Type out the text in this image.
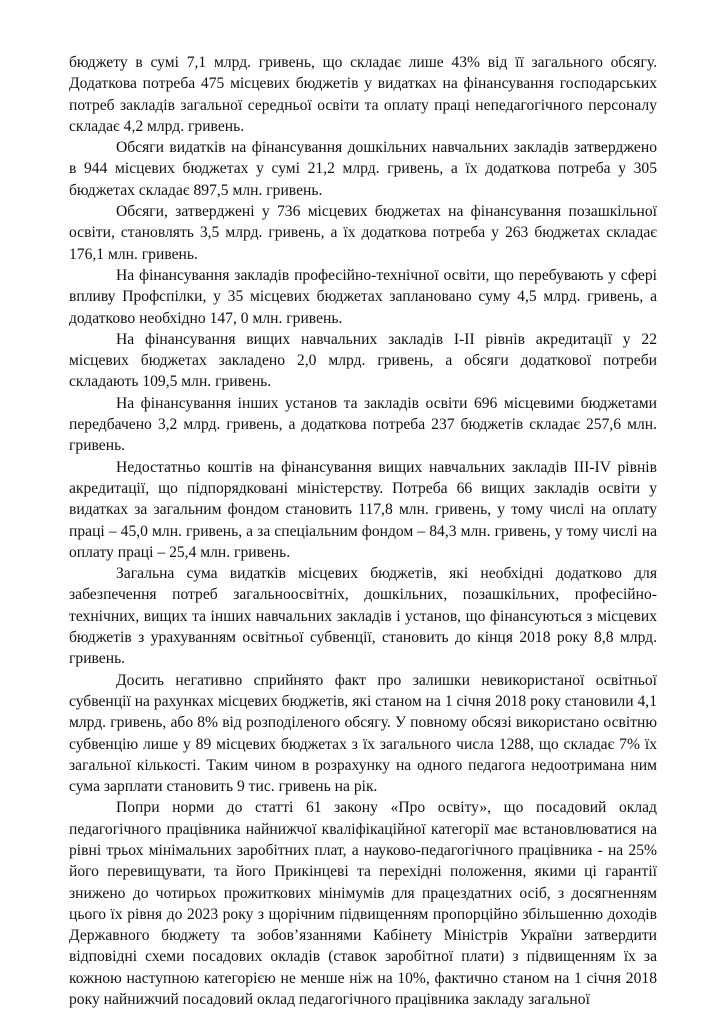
бюджету в сумі 7,1 млрд. гривень, що складає лише 43% від її загального обсягу. Додаткова потреба 475 місцевих бюджетів у видатках на фінансування господарських потреб закладів загальної середньої освіти та оплату праці непедагогічного персоналу складає 4,2 млрд. гривень.

Обсяги видатків на фінансування дошкільних навчальних закладів затверджено в 944 місцевих бюджетах у сумі 21,2 млрд. гривень, а їх додаткова потреба у 305 бюджетах складає 897,5 млн. гривень.

Обсяги, затверджені у 736 місцевих бюджетах на фінансування позашкільної освіти, становлять 3,5 млрд. гривень, а їх додаткова потреба у 263 бюджетах складає 176,1 млн. гривень.

На фінансування закладів професійно-технічної освіти, що перебувають у сфері впливу Профспілки, у 35 місцевих бюджетах заплановано суму 4,5 млрд. гривень, а додатково необхідно 147, 0 млн. гривень.

На фінансування вищих навчальних закладів І-ІІ рівнів акредитації у 22 місцевих бюджетах закладено 2,0 млрд. гривень, а обсяги додаткової потреби складають 109,5 млн. гривень.

На фінансування інших установ та закладів освіти 696 місцевими бюджетами передбачено 3,2 млрд. гривень, а додаткова потреба 237 бюджетів складає 257,6 млн. гривень.

Недостатньо коштів на фінансування вищих навчальних закладів ІІІ-ІV рівнів акредитації, що підпорядковані міністерству. Потреба 66 вищих закладів освіти у видатках за загальним фондом становить 117,8 млн. гривень, у тому числі на оплату праці – 45,0 млн. гривень, а за спеціальним фондом – 84,3 млн. гривень, у тому числі на оплату праці – 25,4 млн. гривень.

Загальна сума видатків місцевих бюджетів, які необхідні додатково для забезпечення потреб загальноосвітніх, дошкільних, позашкільних, професійно-технічних, вищих та інших навчальних закладів і установ, що фінансуються з місцевих бюджетів з урахуванням освітньої субвенції, становить до кінця 2018 року 8,8 млрд. гривень.

Досить негативно сприйнято факт про залишки невикористаної освітньої субвенції на рахунках місцевих бюджетів, які станом на 1 січня 2018 року становили 4,1 млрд. гривень, або 8% від розподіленого обсягу. У повному обсязі використано освітню субвенцію лише у 89 місцевих бюджетах з їх загального числа 1288, що складає 7% їх загальної кількості. Таким чином в розрахунку на одного педагога недоотримана ним сума зарплати становить 9 тис. гривень на рік.

Попри норми до статті 61 закону «Про освіту», що посадовий оклад педагогічного працівника найнижчої кваліфікаційної категорії має встановлюватися на рівні трьох мінімальних заробітних плат, а науково-педагогічного працівника - на 25% його перевищувати, та його Прикінцеві та перехідні положення, якими ці гарантії знижено до чотирьох прожиткових мінімумів для працездатних осіб, з досягненням цього їх рівня до 2023 року з щорічним підвищенням пропорційно збільшенню доходів Державного бюджету та зобов’язаннями Кабінету Міністрів України затвердити відповідні схеми посадових окладів (ставок заробітної плати) з підвищенням їх за кожною наступною категорією не менше ніж на 10%, фактично станом на 1 січня 2018 року найнижчий посадовий оклад педагогічного працівника закладу загальної
